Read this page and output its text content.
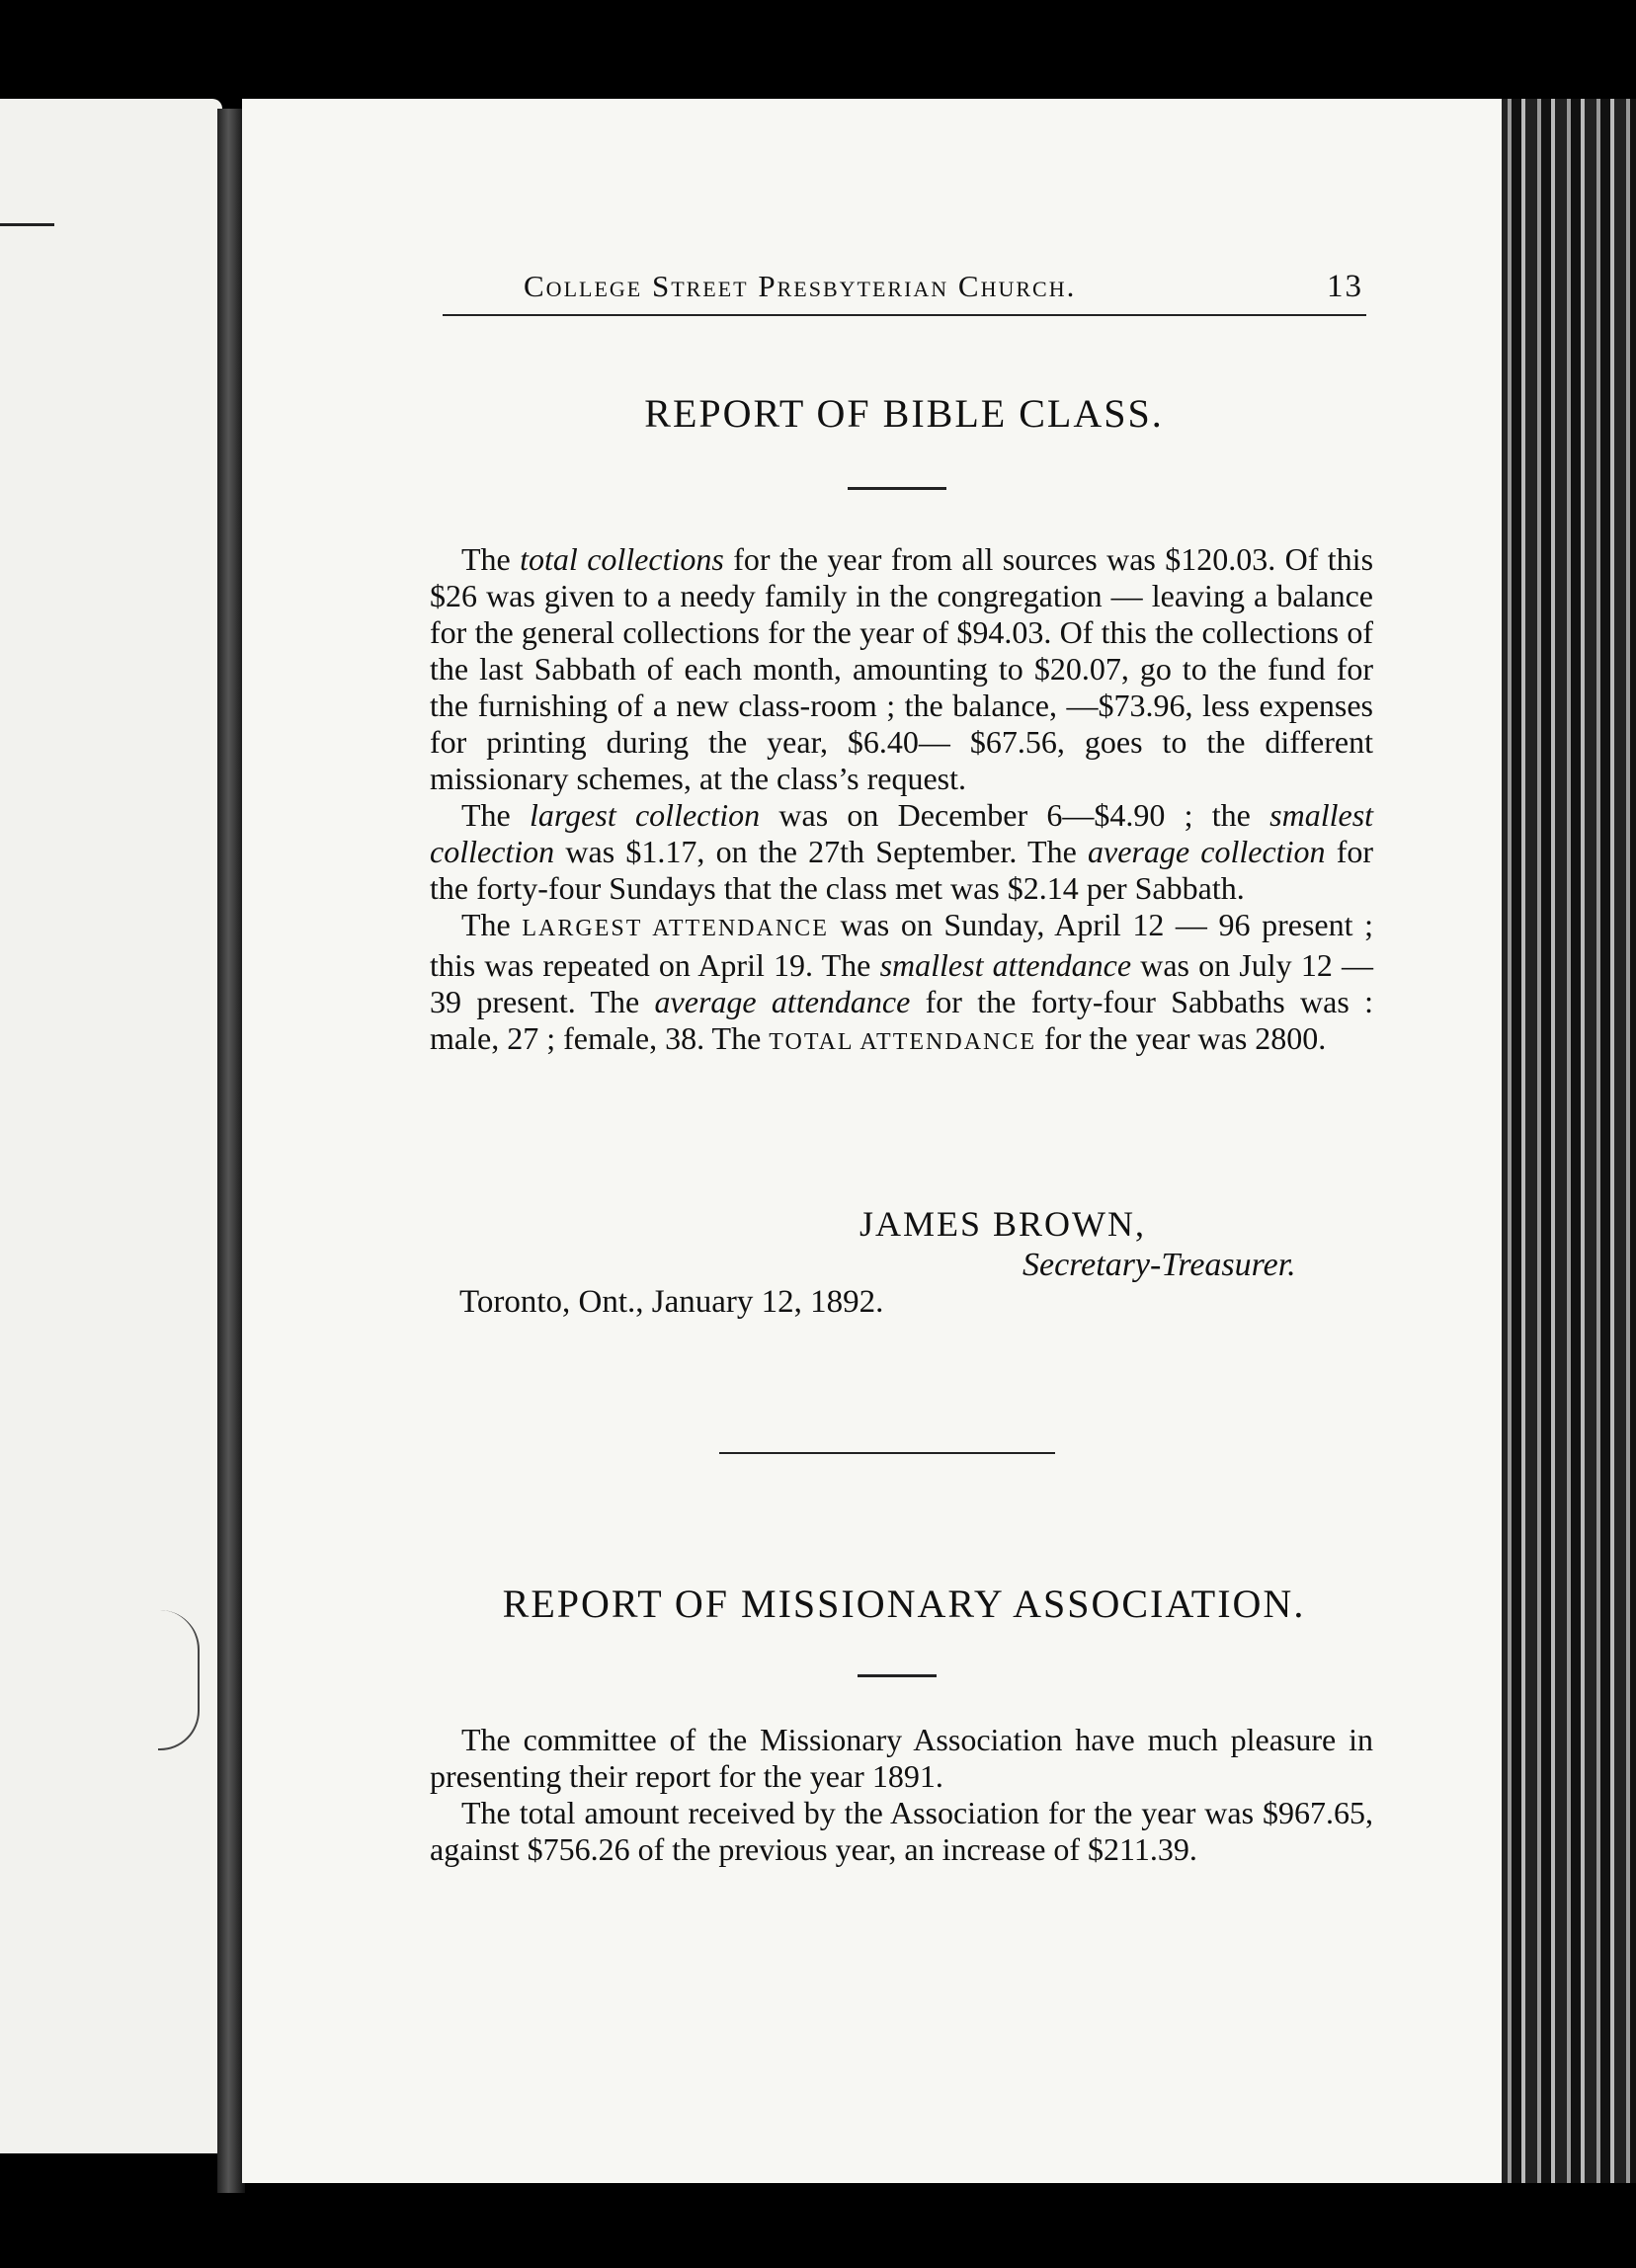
College Street Presbyterian Church.	13
REPORT OF BIBLE CLASS.

The total collections for the year from all sources was $120.03. Of this $26 was given to a needy family in the congregation — leaving a balance for the general collections for the year of $94.03. Of this the collections of the last Sabbath of each month, amounting to $20.07, go to the fund for the furnishing of a new class-room ; the balance, —$73.96, less expenses for printing during the year, $6.40— $67.56, goes to the different missionary schemes, at the class’s request.

The largest collection was on December 6—$4.90 ; the smallest collection was $1.17, on the 27th September. The average collection for the forty-four Sundays that the class met was $2.14 per Sabbath.

The LARGEST ATTENDANCE was on Sunday, April 12 — 96 present ; this was repeated on April 19. The smallest attendance was on July 12 — 39 present. The average attendance for the forty-four Sabbaths was : male, 27 ; female, 38. The TOTAL ATTENDANCE for the year was 2800.

JAMES BROWN,
Secretary-Treasurer.
Toronto, Ont., January 12, 1892.
REPORT OF MISSIONARY ASSOCIATION.

The committee of the Missionary Association have much pleasure in presenting their report for the year 1891.

The total amount received by the Association for the year was $967.65, against $756.26 of the previous year, an increase of $211.39.
